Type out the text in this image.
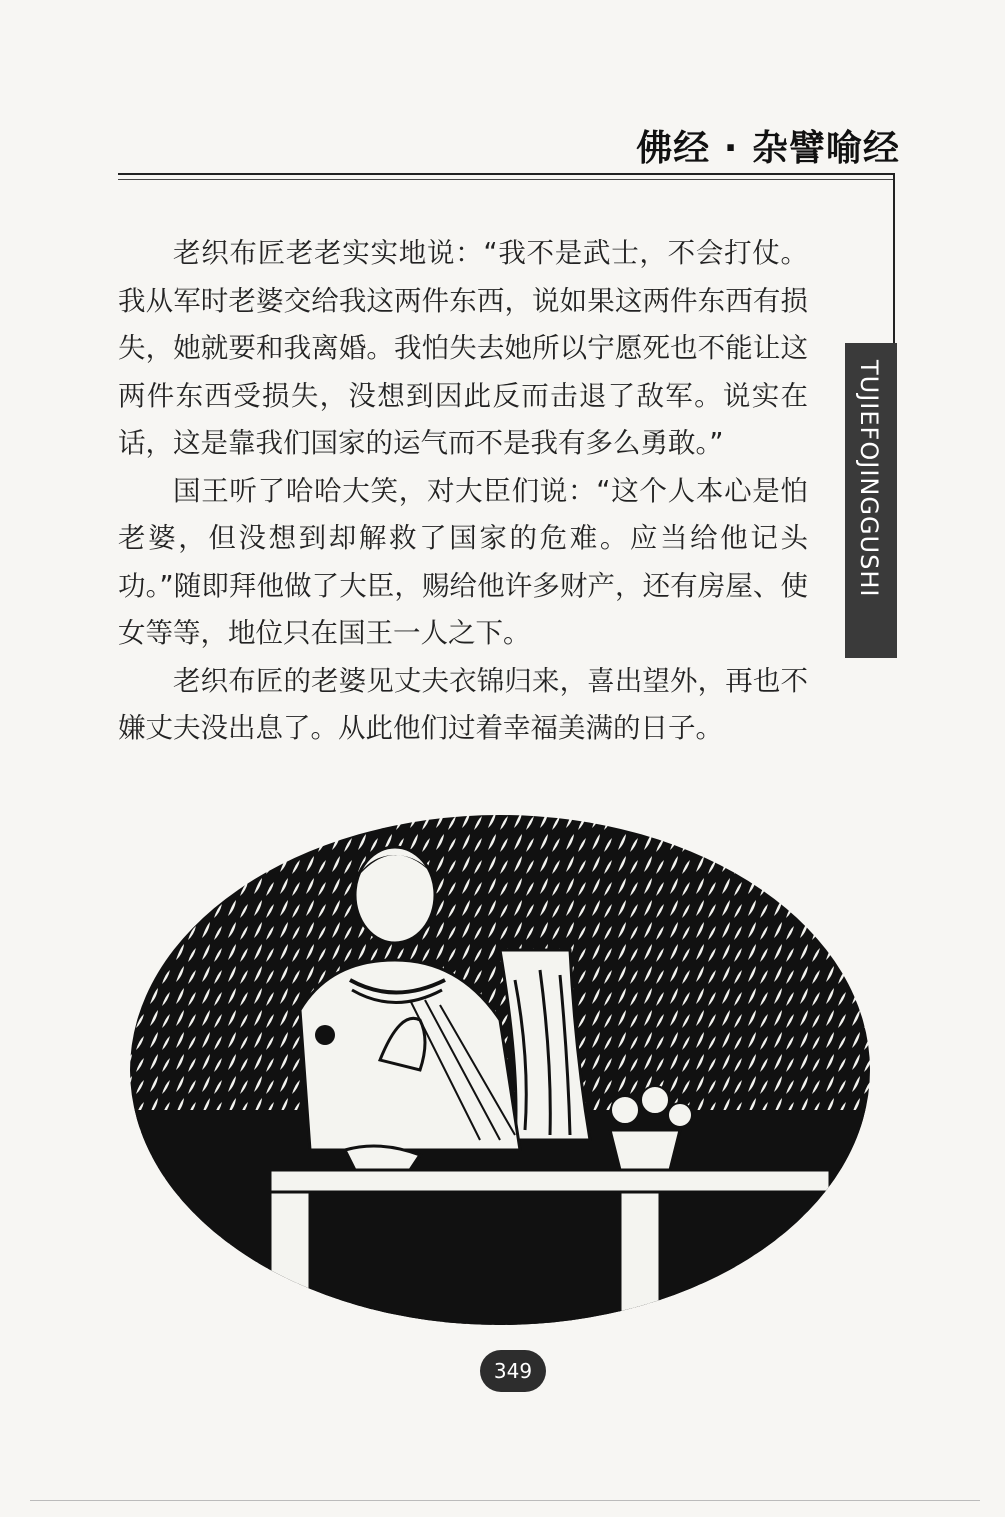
佛经 · 杂譬喻经
TUJIEFOJINGGUSHI

老织布匠老老实实地说：“我不是武士，不会打仗。我从军时老婆交给我这两件东西，说如果这两件东西有损失，她就要和我离婚。我怕失去她所以宁愿死也不能让这两件东西受损失，没想到因此反而击退了敌军。说实在话，这是靠我们国家的运气而不是我有多么勇敢。”

国王听了哈哈大笑，对大臣们说：“这个人本心是怕老婆，但没想到却解救了国家的危难。应当给他记头功。”随即拜他做了大臣，赐给他许多财产，还有房屋、使女等等，地位只在国王一人之下。

老织布匠的老婆见丈夫衣锦归来，喜出望外，再也不嫌丈夫没出息了。从此他们过着幸福美满的日子。

349
